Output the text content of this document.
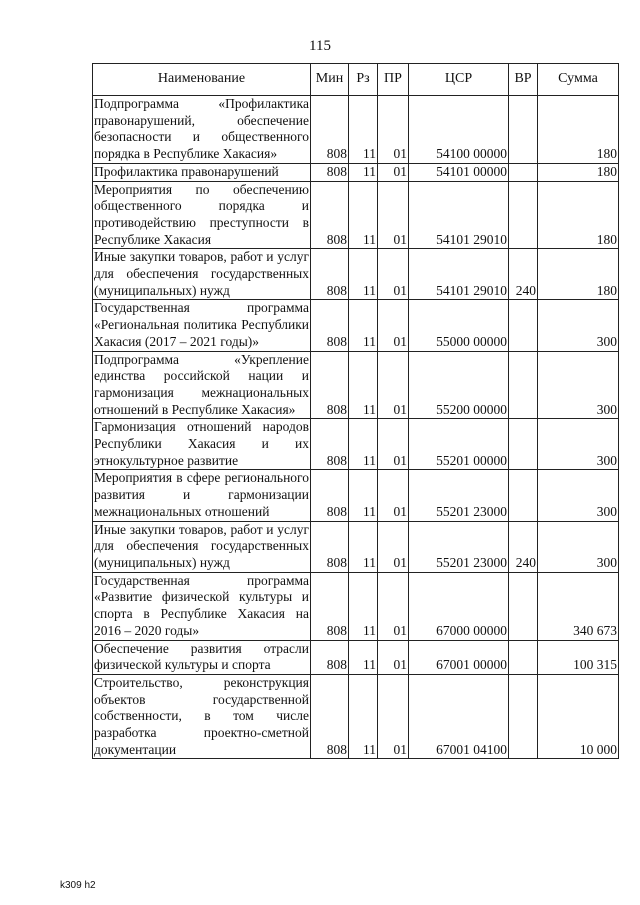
115
Наименование	Мин	Рз	ПР	ЦСР	ВР	Сумма
Подпрограмма «Профилактика правонарушений, обеспечение безопасности и общественного порядка в Республике Хакасия»	808	11	01	54100 00000		180
Профилактика правонарушений	808	11	01	54101 00000		180
Мероприятия по обеспечению общественного порядка и противодействию преступности в Республике Хакасия	808	11	01	54101 29010		180
Иные закупки товаров, работ и услуг для обеспечения государственных (муниципальных) нужд	808	11	01	54101 29010	240	180
Государственная программа «Региональная политика Республики Хакасия (2017 – 2021 годы)»	808	11	01	55000 00000		300
Подпрограмма «Укрепление единства российской нации и гармонизация межнациональных отношений в Республике Хакасия»	808	11	01	55200 00000		300
Гармонизация отношений народов Республики Хакасия и их этнокультурное развитие	808	11	01	55201 00000		300
Мероприятия в сфере регионального развития и гармонизации межнациональных отношений	808	11	01	55201 23000		300
Иные закупки товаров, работ и услуг для обеспечения государственных (муниципальных) нужд	808	11	01	55201 23000	240	300
Государственная программа «Развитие физической культуры и спорта в Республике Хакасия на 2016 – 2020 годы»	808	11	01	67000 00000		340 673
Обеспечение развития отрасли физической культуры и спорта	808	11	01	67001 00000		100 315
Строительство, реконструкция объектов государственной собственности, в том числе разработка проектно-сметной документации	808	11	01	67001 04100		10 000
k309 h2
